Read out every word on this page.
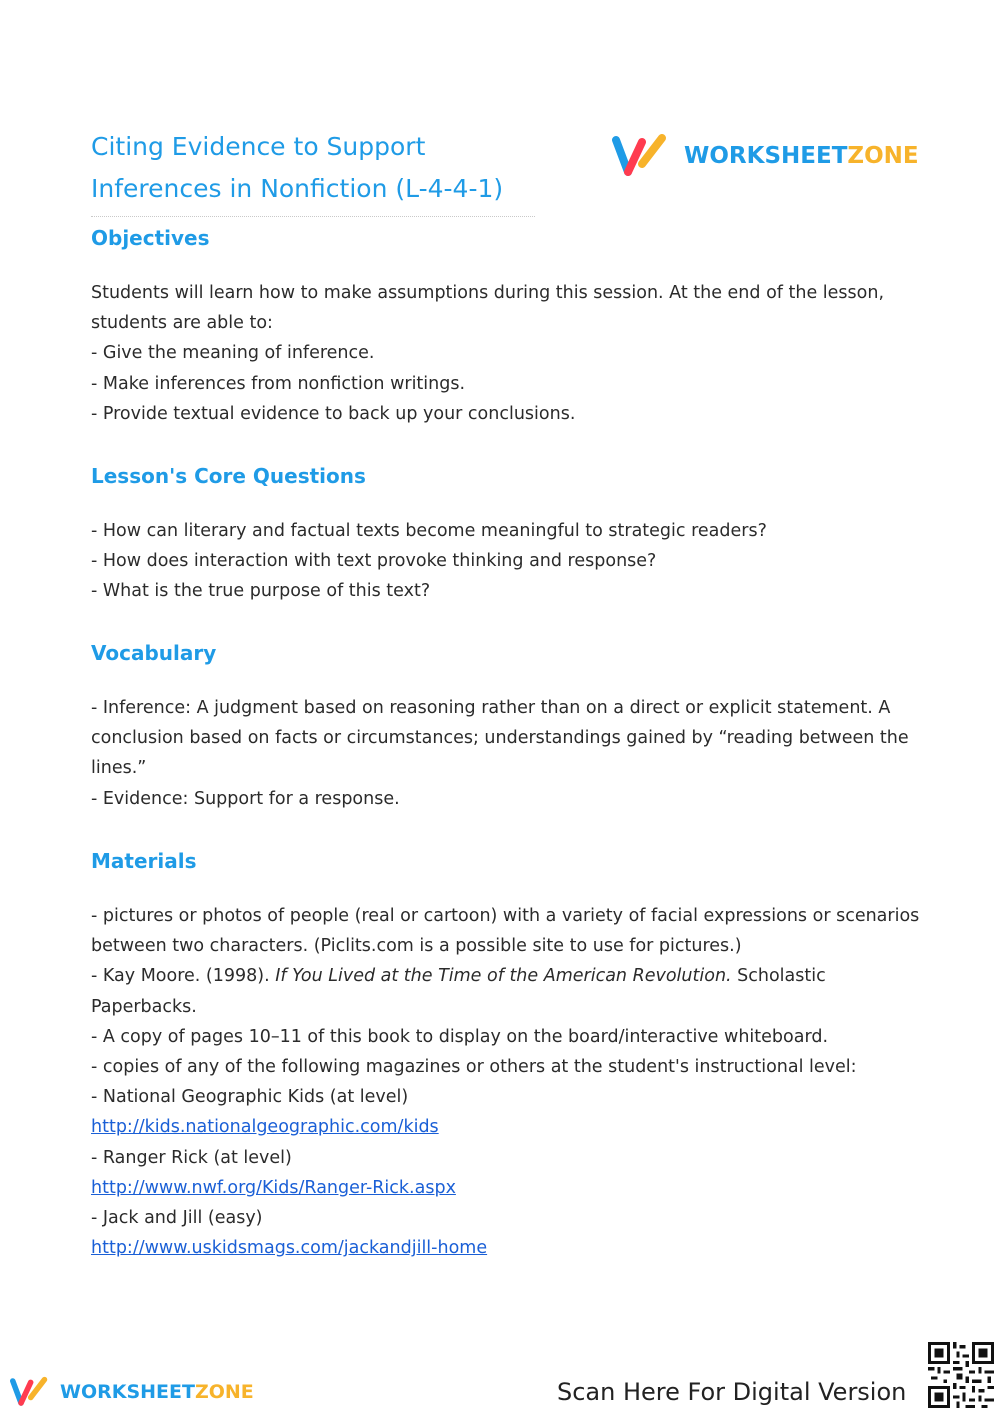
Citing Evidence to Support
Inferences in Nonfiction (L-4-4-1)
WORKSHEETZONE
Objectives
Students will learn how to make assumptions during this session. At the end of the lesson, students are able to:
- Give the meaning of inference.
- Make inferences from nonfiction writings.
- Provide textual evidence to back up your conclusions.
Lesson's Core Questions
- How can literary and factual texts become meaningful to strategic readers?
- How does interaction with text provoke thinking and response?
- What is the true purpose of this text?
Vocabulary
- Inference: A judgment based on reasoning rather than on a direct or explicit statement. A conclusion based on facts or circumstances; understandings gained by “reading between the lines.”
- Evidence: Support for a response.
Materials
- pictures or photos of people (real or cartoon) with a variety of facial expressions or scenarios between two characters. (Piclits.com is a possible site to use for pictures.)
- Kay Moore. (1998). If You Lived at the Time of the American Revolution. Scholastic Paperbacks.
- A copy of pages 10–11 of this book to display on the board/interactive whiteboard.
- copies of any of the following magazines or others at the student's instructional level:
- National Geographic Kids (at level)
http://kids.nationalgeographic.com/kids
- Ranger Rick (at level)
http://www.nwf.org/Kids/Ranger-Rick.aspx
- Jack and Jill (easy)
http://www.uskidsmags.com/jackandjill-home
WORKSHEETZONE	Scan Here For Digital Version
